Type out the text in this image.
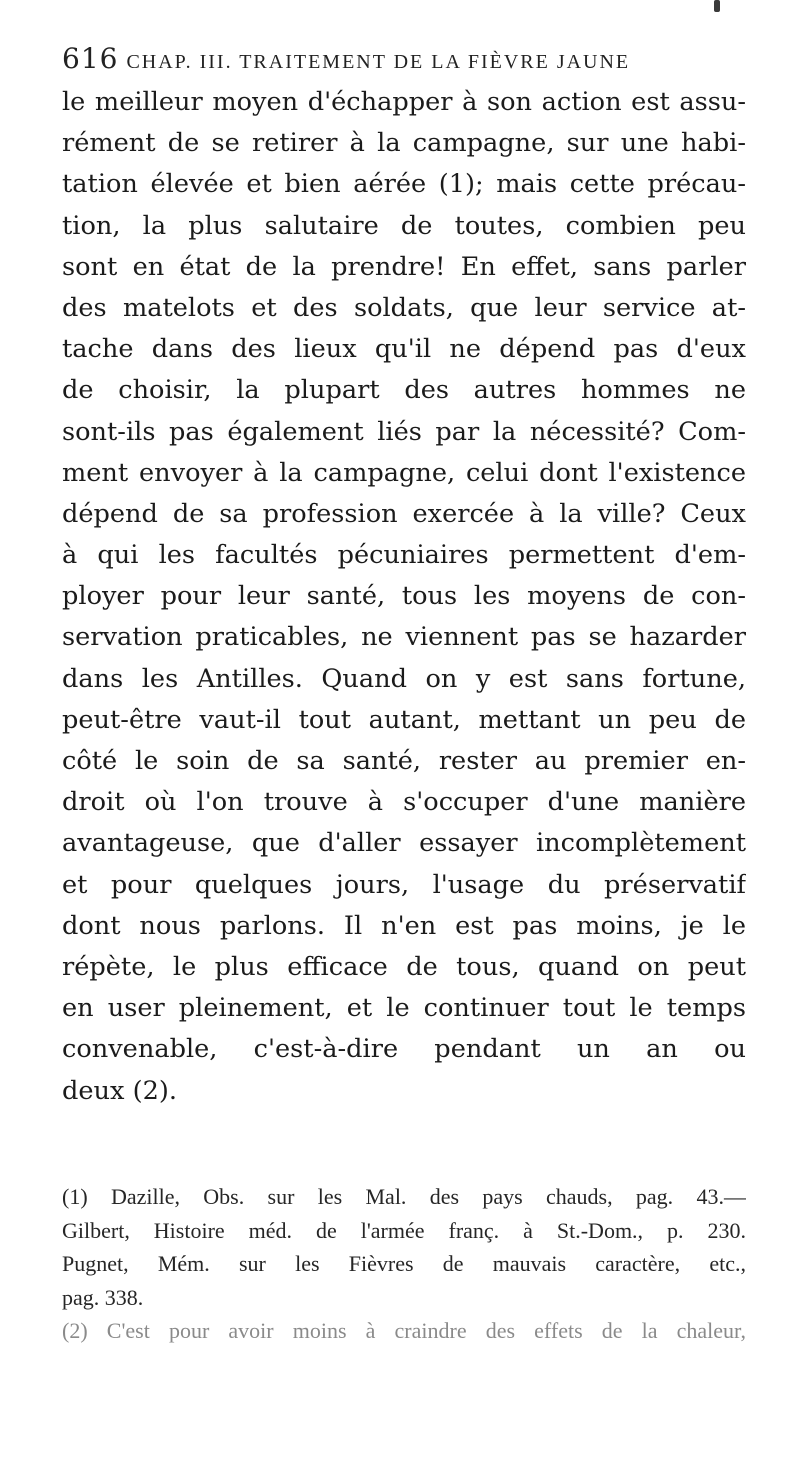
616 CHAP. III. TRAITEMENT DE LA FIÈVRE JAUNE
le meilleur moyen d'échapper à son action est assu-
rément de se retirer à la campagne, sur une habi-
tation élevée et bien aérée (1); mais cette précau-
tion, la plus salutaire de toutes, combien peu
sont en état de la prendre! En effet, sans parler
des matelots et des soldats, que leur service at-
tache dans des lieux qu'il ne dépend pas d'eux
de choisir, la plupart des autres hommes ne
sont-ils pas également liés par la nécessité? Com-
ment envoyer à la campagne, celui dont l'existence
dépend de sa profession exercée à la ville? Ceux
à qui les facultés pécuniaires permettent d'em-
ployer pour leur santé, tous les moyens de con-
servation praticables, ne viennent pas se hazarder
dans les Antilles. Quand on y est sans fortune,
peut-être vaut-il tout autant, mettant un peu de
côté le soin de sa santé, rester au premier en-
droit où l'on trouve à s'occuper d'une manière
avantageuse, que d'aller essayer incomplètement
et pour quelques jours, l'usage du préservatif
dont nous parlons. Il n'en est pas moins, je le
répète, le plus efficace de tous, quand on peut
en user pleinement, et le continuer tout le temps
convenable, c'est-à-dire pendant un an ou
deux (2).
(1) Dazille, Obs. sur les Mal. des pays chauds, pag. 43.—
Gilbert, Histoire méd. de l'armée franç. à St.-Dom., p. 230.
Pugnet, Mém. sur les Fièvres de mauvais caractère, etc.,
pag. 338.
(2) C'est pour avoir moins à craindre des effets de la chaleur,
